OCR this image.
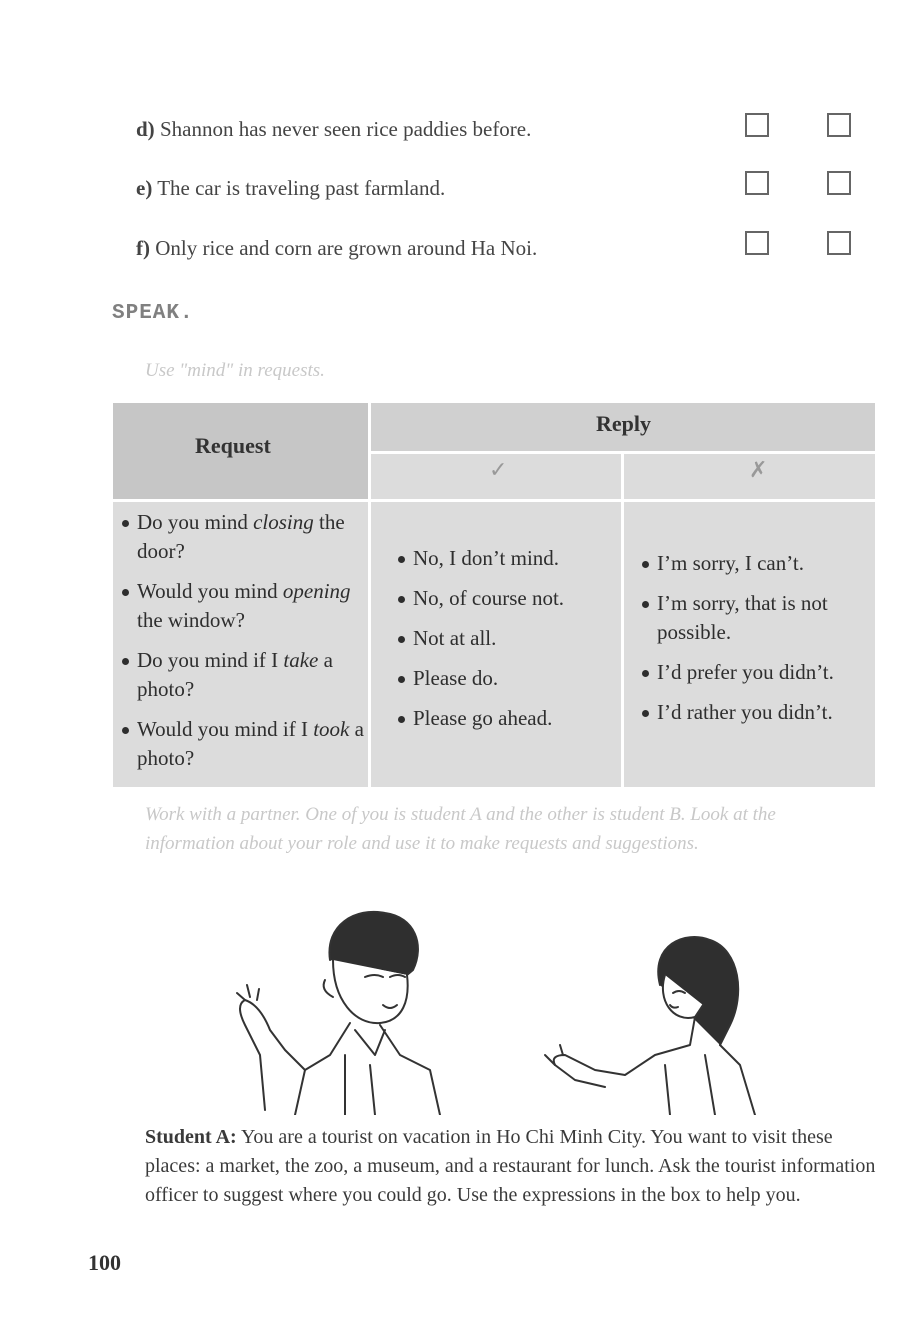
d) Shannon has never seen rice paddies before.
e) The car is traveling past farmland.
f) Only rice and corn are grown around Ha Noi.
SPEAK.
Use "mind" in requests.
Request
Reply
✓	✗
Do you mind closing the door?
Would you mind opening the window?
Do you mind if I take a photo?
Would you mind if I took a photo?
No, I don’t mind.
No, of course not.
Not at all.
Please do.
Please go ahead.
I’m sorry, I can’t.
I’m sorry, that is not possible.
I’d prefer you didn’t.
I’d rather you didn’t.
Work with a partner. One of you is student A and the other is student B. Look at the information about your role and use it to make requests and suggestions.
Student A: You are a tourist on vacation in Ho Chi Minh City. You want to visit these places: a market, the zoo, a museum, and a restaurant for lunch. Ask the tourist information officer to suggest where you could go. Use the expressions in the box to help you.
100
